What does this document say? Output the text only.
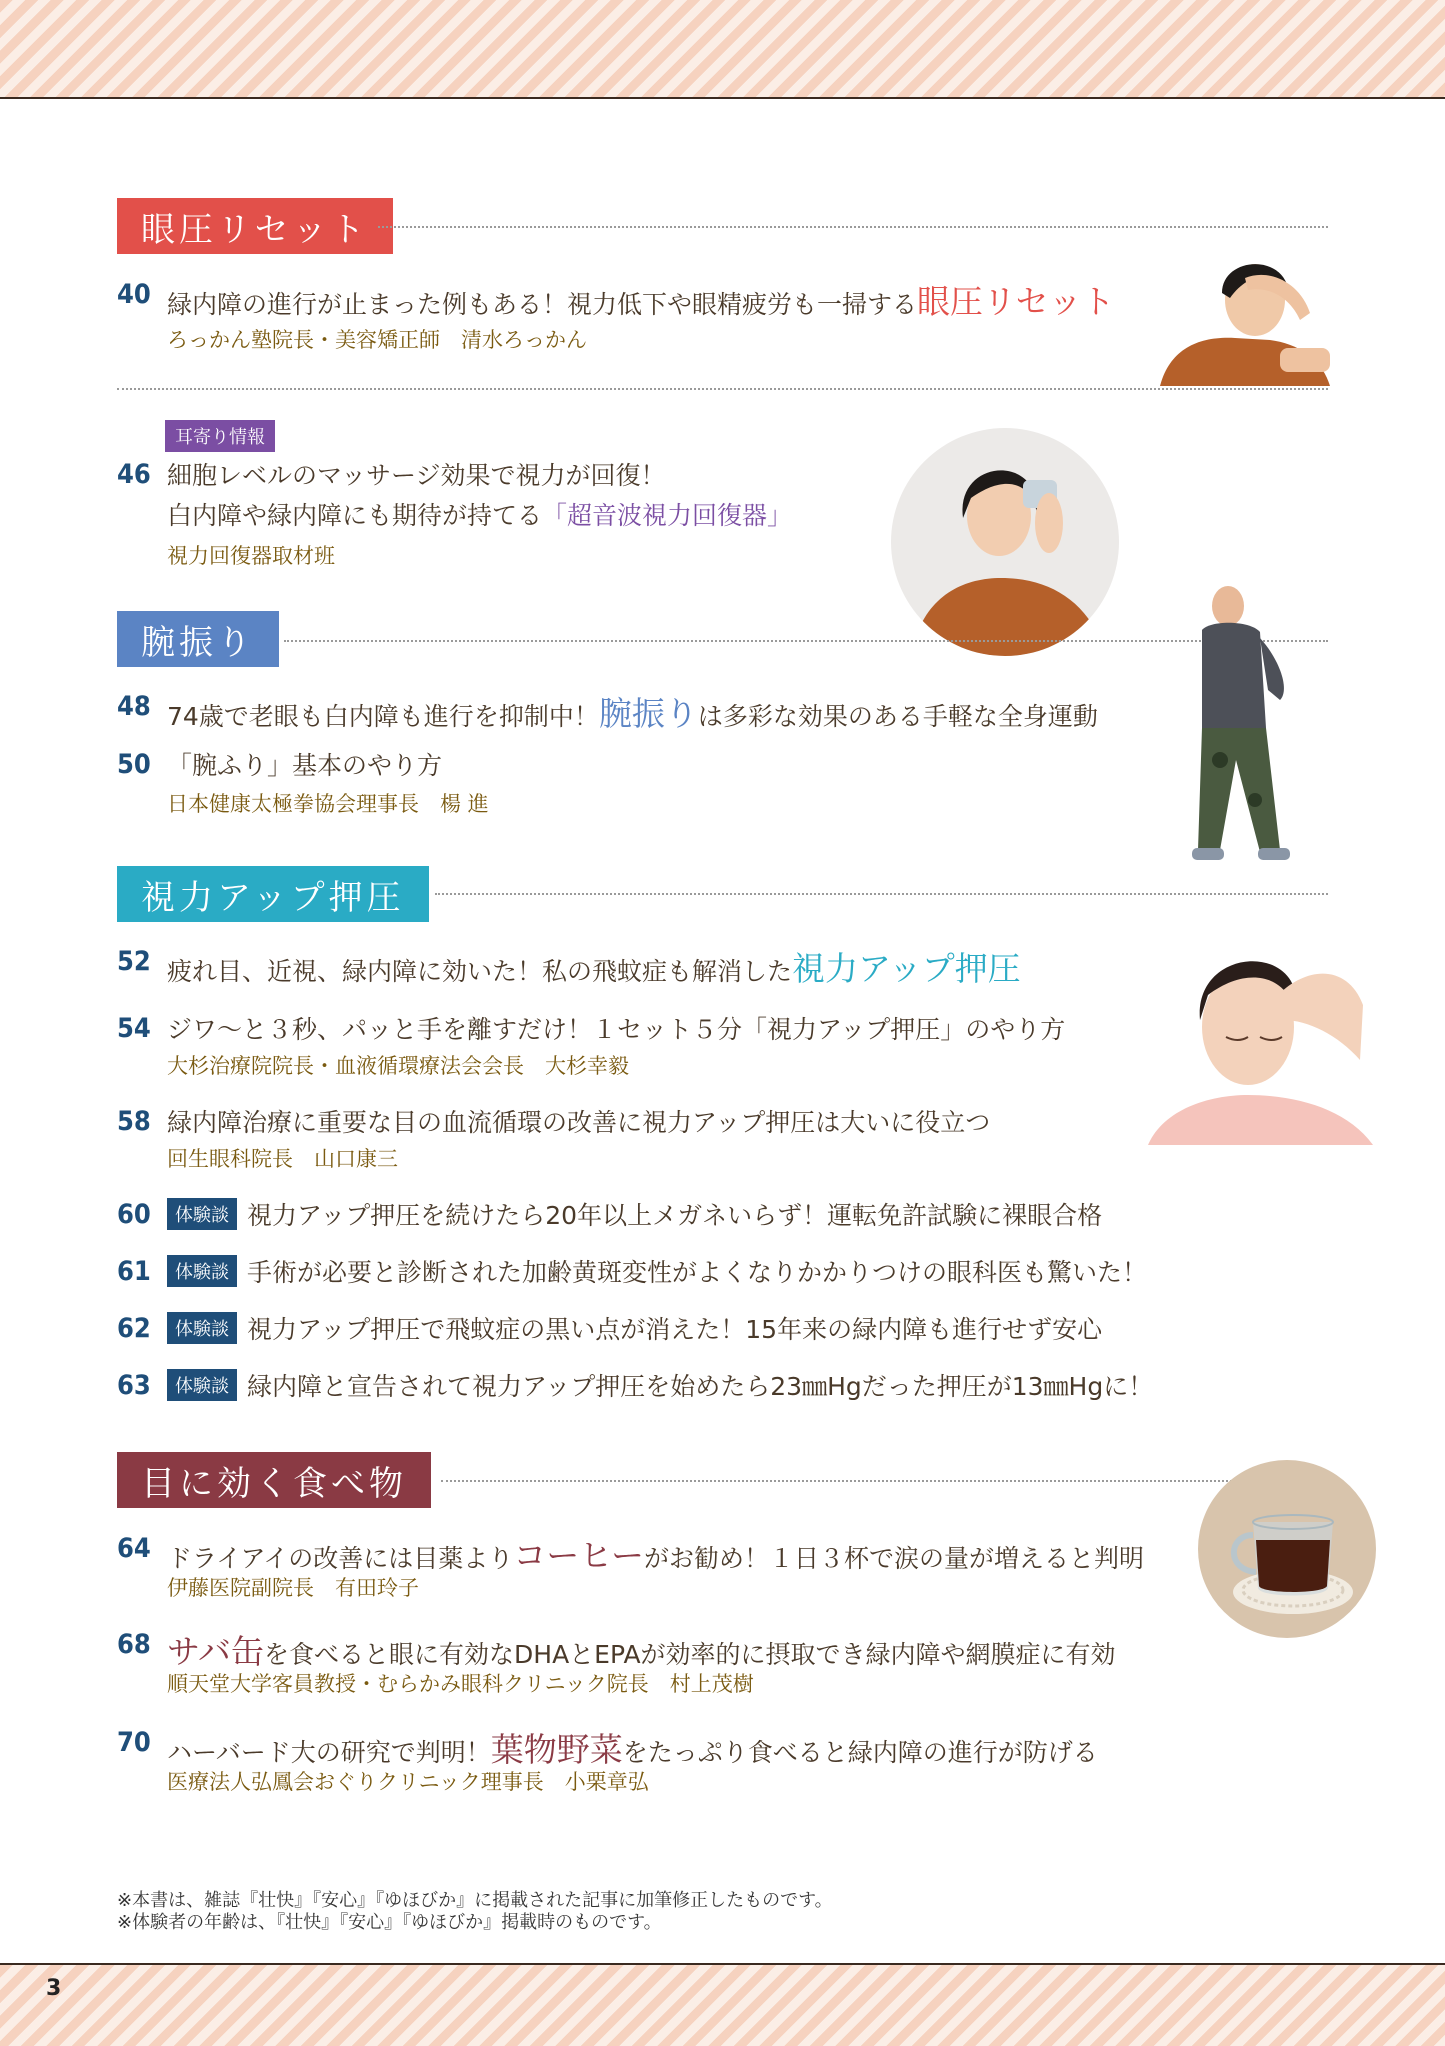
眼圧リセット
40 緑内障の進行が止まった例もある！視力低下や眼精疲労も一掃する眼圧リセット
ろっかん塾院長・美容矯正師　清水ろっかん
耳寄り情報
46 細胞レベルのマッサージ効果で視力が回復！
白内障や緑内障にも期待が持てる「超音波視力回復器」
視力回復器取材班
腕振り
48 74歳で老眼も白内障も進行を抑制中！腕振りは多彩な効果のある手軽な全身運動
50 「腕ふり」基本のやり方
日本健康太極拳協会理事長　楊 進
視力アップ押圧
52 疲れ目、近視、緑内障に効いた！私の飛蚊症も解消した視力アップ押圧
54 ジワ〜と３秒、パッと手を離すだけ！１セット５分「視力アップ押圧」のやり方
大杉治療院院長・血液循環療法会会長　大杉幸毅
58 緑内障治療に重要な目の血流循環の改善に視力アップ押圧は大いに役立つ
回生眼科院長　山口康三
60	体験談 視力アップ押圧を続けたら20年以上メガネいらず！運転免許試験に裸眼合格
61	体験談 手術が必要と診断された加齢黄斑変性がよくなりかかりつけの眼科医も驚いた！
62	体験談 視力アップ押圧で飛蚊症の黒い点が消えた！15年来の緑内障も進行せず安心
63	体験談 緑内障と宣告されて視力アップ押圧を始めたら23㎜Hgだった押圧が13㎜Hgに！
目に効く食べ物
64 ドライアイの改善には目薬よりコーヒーがお勧め！１日３杯で涙の量が増えると判明
伊藤医院副院長　有田玲子
68 サバ缶を食べると眼に有効なDHAとEPAが効率的に摂取でき緑内障や網膜症に有効
順天堂大学客員教授・むらかみ眼科クリニック院長　村上茂樹
70 ハーバード大の研究で判明！葉物野菜をたっぷり食べると緑内障の進行が防げる
医療法人弘鳳会おぐりクリニック理事長　小栗章弘
※本書は、雑誌『壮快』『安心』『ゆほびか』に掲載された記事に加筆修正したものです。
※体験者の年齢は、『壮快』『安心』『ゆほびか』掲載時のものです。
3
